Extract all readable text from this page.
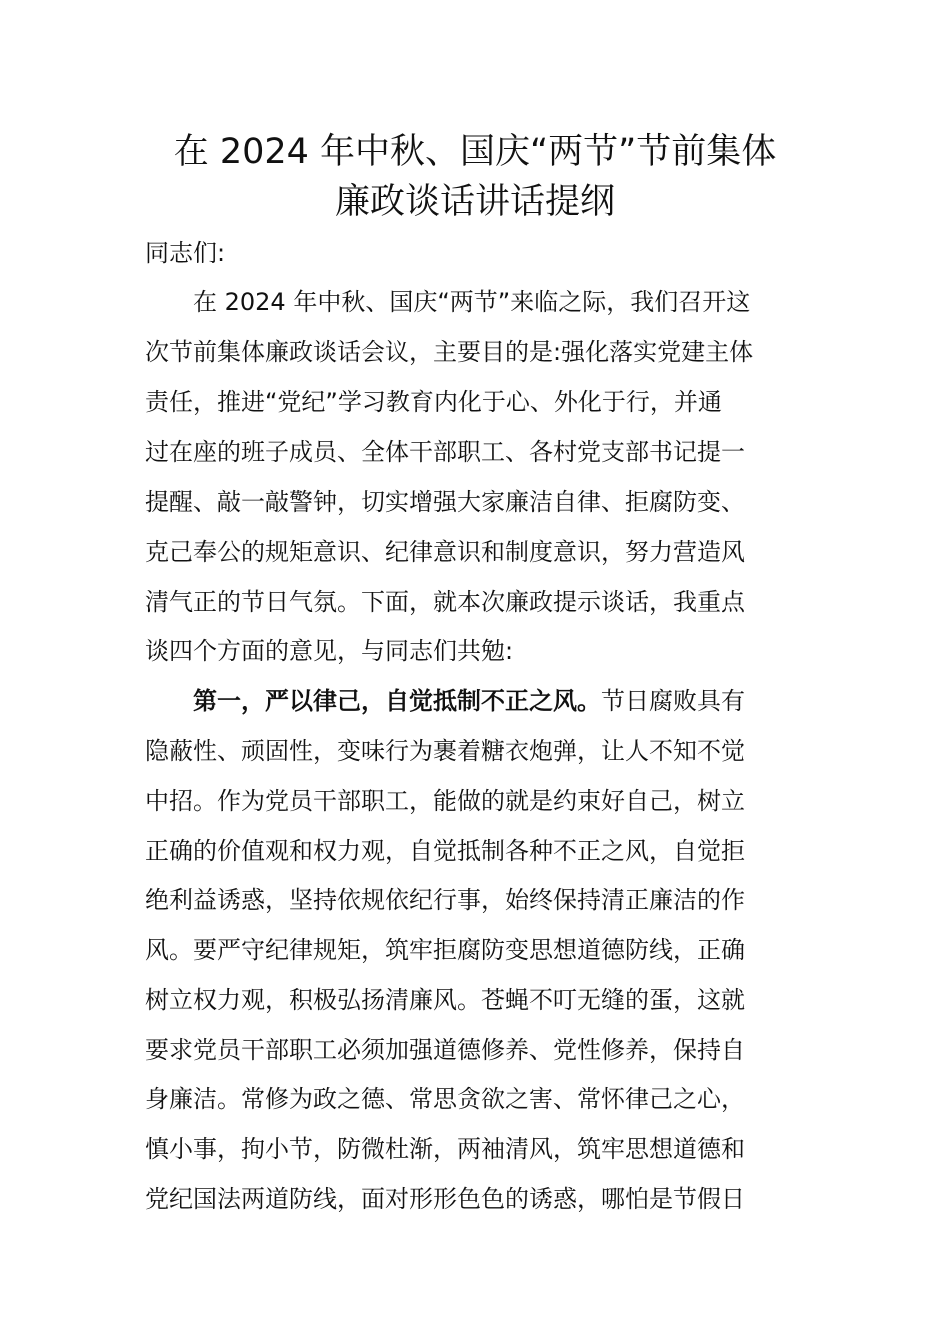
在 2024 年中秋、国庆“两节”节前集体
廉政谈话讲话提纲
同志们:
在 2024 年中秋、国庆“两节”来临之际，我们召开这
次节前集体廉政谈话会议，主要目的是:强化落实党建主体
责任，推进“党纪”学习教育内化于心、外化于行，并通
过在座的班子成员、全体干部职工、各村党支部书记提一
提醒、敲一敲警钟，切实增强大家廉洁自律、拒腐防变、
克己奉公的规矩意识、纪律意识和制度意识，努力营造风
清气正的节日气氛。下面，就本次廉政提示谈话，我重点
谈四个方面的意见，与同志们共勉:
第一，严以律己，自觉抵制不正之风。节日腐败具有
隐蔽性、顽固性，变味行为裹着糖衣炮弹，让人不知不觉
中招。作为党员干部职工，能做的就是约束好自己，树立
正确的价值观和权力观，自觉抵制各种不正之风，自觉拒
绝利益诱惑，坚持依规依纪行事，始终保持清正廉洁的作
风。要严守纪律规矩，筑牢拒腐防变思想道德防线，正确
树立权力观，积极弘扬清廉风。苍蝇不叮无缝的蛋，这就
要求党员干部职工必须加强道德修养、党性修养，保持自
身廉洁。常修为政之德、常思贪欲之害、常怀律己之心，
慎小事，拘小节，防微杜渐，两袖清风，筑牢思想道德和
党纪国法两道防线，面对形形色色的诱惑，哪怕是节假日
